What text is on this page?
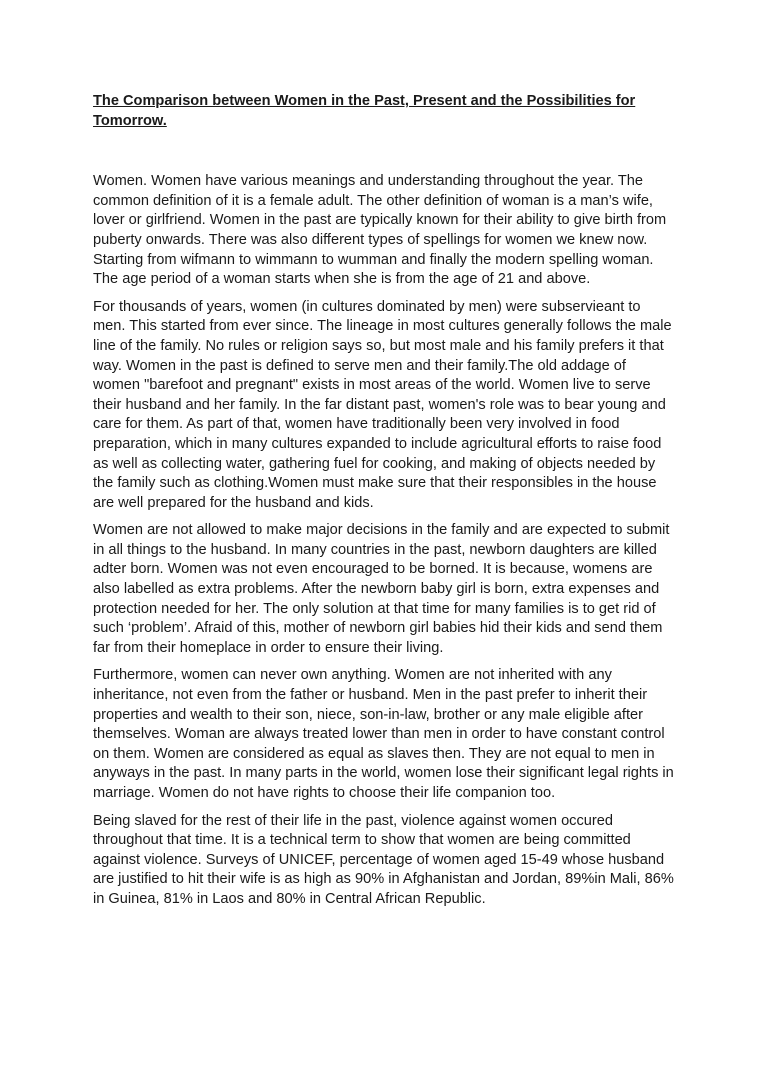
The Comparison between Women in the Past, Present and the Possibilities for Tomorrow.

Women. Women have various meanings and understanding throughout the year. The common definition of it is a female adult. The other definition of woman is a man’s wife, lover or girlfriend. Women in the past are typically known for their ability to give birth from puberty onwards. There was also different types of spellings for women we knew now. Starting from wifmann to wimmann to wumman and finally the modern spelling woman. The age period of a woman starts when she is from the age of 21 and above.

For thousands of years, women (in cultures dominated by men) were subservieant to men. This started from ever since. The lineage in most cultures generally follows the male line of the family. No rules or religion says so, but most male and his family prefers it that way. Women in the past is defined to serve men and their family.The old addage of women "barefoot and pregnant" exists in most areas of the world. Women live to serve their husband and her family. In the far distant past, women's role was to bear young and care for them. As part of that, women have traditionally been very involved in food preparation, which in many cultures expanded to include agricultural efforts to raise food as well as collecting water, gathering fuel for cooking, and making of objects needed by the family such as clothing.Women must make sure that their responsibles in the house are well prepared for the husband and kids.

Women are not allowed to make major decisions in the family and are expected to submit in all things to the husband. In many countries in the past, newborn daughters are killed adter born. Women was not even encouraged to be borned. It is because, womens are also labelled as extra problems. After the newborn baby girl is born, extra expenses and protection needed for her. The only solution at that time for many families is to get rid of such ‘problem’. Afraid of this, mother of newborn girl babies hid their kids and send them far from their homeplace in order to ensure their living.

Furthermore, women can never own anything. Women are not inherited with any inheritance, not even from the father or husband. Men in the past prefer to inherit their properties and wealth to their son, niece, son-in-law, brother or any male eligible after themselves. Woman are always treated lower than men in order to have constant control on them. Women are considered as equal as slaves then. They are not equal to men in anyways in the past. In many parts in the world, women lose their significant legal rights in marriage. Women do not have rights to choose their life companion too.

Being slaved for the rest of their life in the past, violence against women occured throughout that time. It is a technical term to show that women are being committed against violence. Surveys of UNICEF, percentage of women aged 15-49 whose husband are justified to hit their wife is as high as 90% in Afghanistan and Jordan, 89%in Mali, 86% in Guinea, 81% in Laos and 80% in Central African Republic.
